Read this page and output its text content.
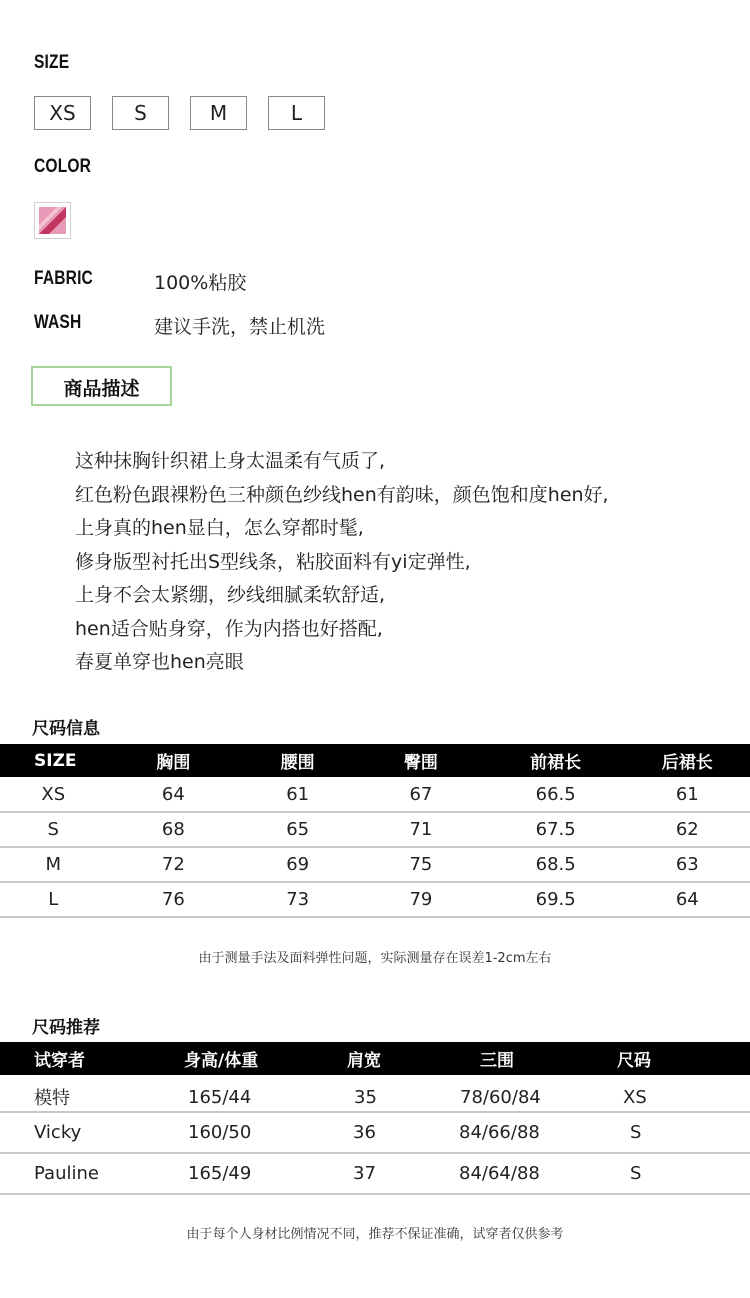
SIZE
XS	S	M	L
COLOR
FABRIC	100%粘胶
WASH	建议手洗，禁止机洗
商品描述
这种抹胸针织裙上身太温柔有气质了,
红色粉色跟裸粉色三种颜色纱线hen有韵味，颜色饱和度hen好,
上身真的hen显白，怎么穿都时髦,
修身版型衬托出S型线条，粘胶面料有yi定弹性,
上身不会太紧绷，纱线细腻柔软舒适,
hen适合贴身穿，作为内搭也好搭配,
春夏单穿也hen亮眼
尺码信息
SIZE	胸围	腰围	臀围	前裙长	后裙长
XS	64	61	67	66.5	61
S	68	65	71	67.5	62
M	72	69	75	68.5	63
L	76	73	79	69.5	64
由于测量手法及面料弹性问题，实际测量存在误差1-2cm左右
尺码推荐
试穿者	身高/体重	肩宽	三围	尺码
模特	165/44	35	78/60/84	XS
Vicky	160/50	36	84/66/88	S
Pauline	165/49	37	84/64/88	S
由于每个人身材比例情况不同，推荐不保证准确，试穿者仅供参考
